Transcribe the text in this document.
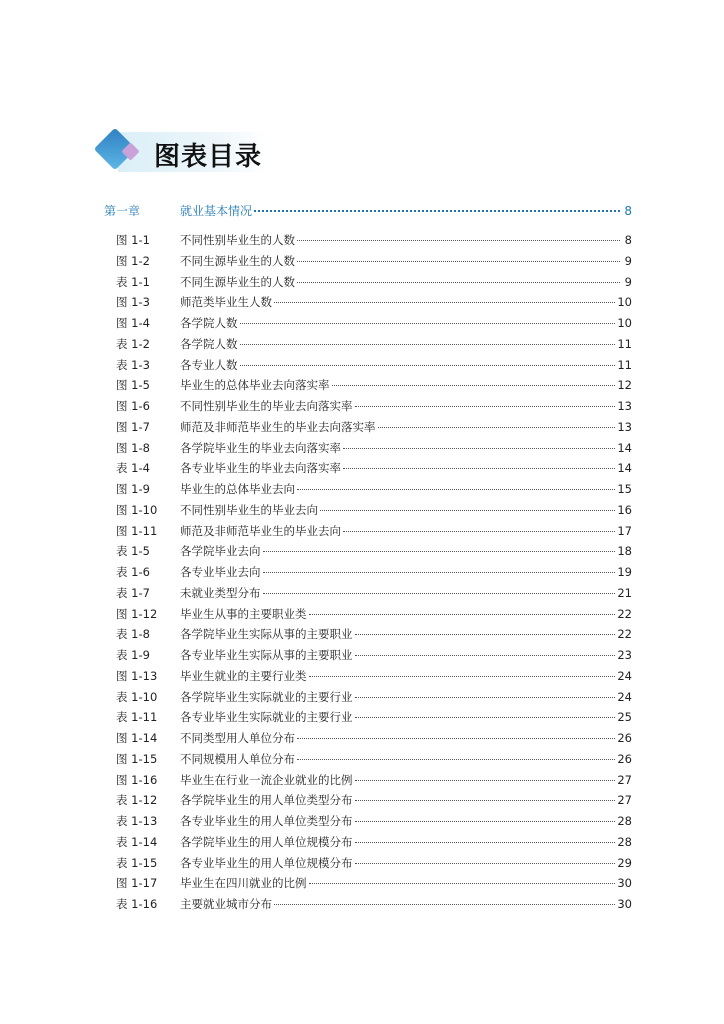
图表目录
第一章	就业基本情况	8
图 1-1	不同性别毕业生的人数	8
图 1-2	不同生源毕业生的人数	9
表 1-1	不同生源毕业生的人数	9
图 1-3	师范类毕业生人数	10
图 1-4	各学院人数	10
表 1-2	各学院人数	11
表 1-3	各专业人数	11
图 1-5	毕业生的总体毕业去向落实率	12
图 1-6	不同性别毕业生的毕业去向落实率	13
图 1-7	师范及非师范毕业生的毕业去向落实率	13
图 1-8	各学院毕业生的毕业去向落实率	14
表 1-4	各专业毕业生的毕业去向落实率	14
图 1-9	毕业生的总体毕业去向	15
图 1-10	不同性别毕业生的毕业去向	16
图 1-11	师范及非师范毕业生的毕业去向	17
表 1-5	各学院毕业去向	18
表 1-6	各专业毕业去向	19
表 1-7	未就业类型分布	21
图 1-12	毕业生从事的主要职业类	22
表 1-8	各学院毕业生实际从事的主要职业	22
表 1-9	各专业毕业生实际从事的主要职业	23
图 1-13	毕业生就业的主要行业类	24
表 1-10	各学院毕业生实际就业的主要行业	24
表 1-11	各专业毕业生实际就业的主要行业	25
图 1-14	不同类型用人单位分布	26
图 1-15	不同规模用人单位分布	26
图 1-16	毕业生在行业一流企业就业的比例	27
表 1-12	各学院毕业生的用人单位类型分布	27
表 1-13	各专业毕业生的用人单位类型分布	28
表 1-14	各学院毕业生的用人单位规模分布	28
表 1-15	各专业毕业生的用人单位规模分布	29
图 1-17	毕业生在四川就业的比例	30
表 1-16	主要就业城市分布	30
